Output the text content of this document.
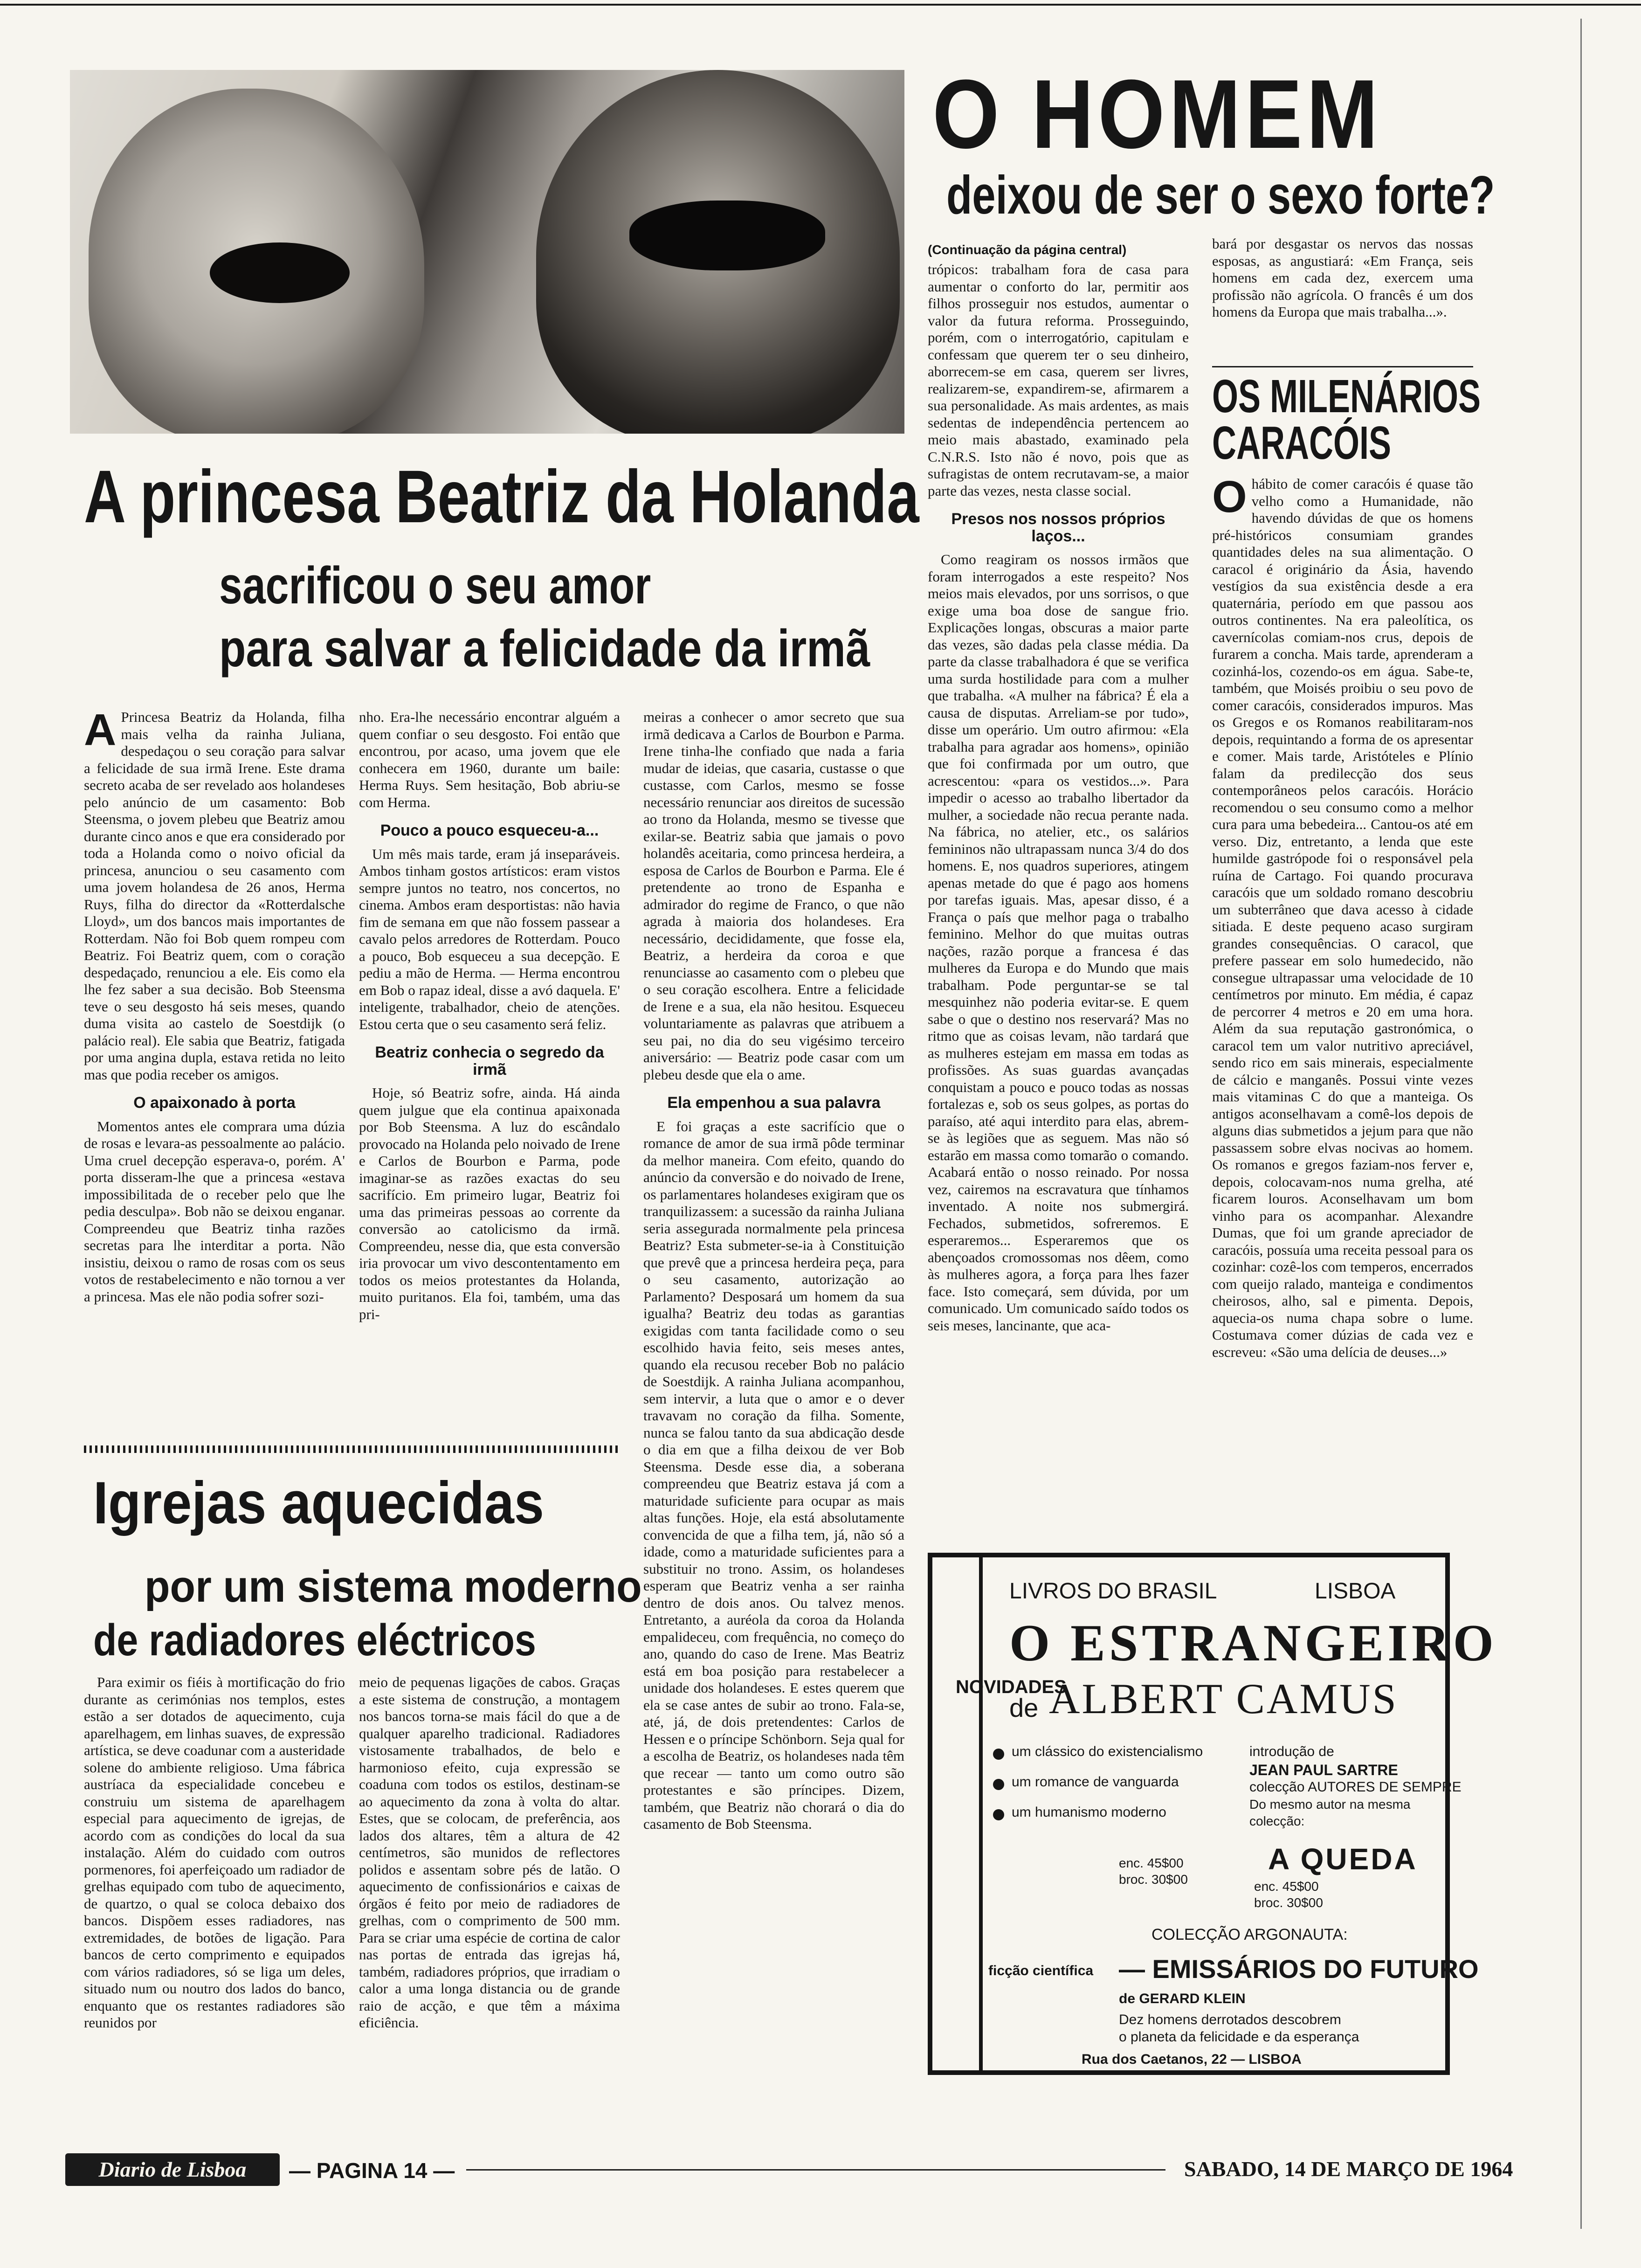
A princesa Beatriz da Holanda
sacrificou o seu amor
para salvar a felicidade da irmã
A Princesa Beatriz da Holanda, filha mais velha da rainha Juliana, despedaçou o seu coração para salvar a felicidade de sua irmã Irene. Este drama secreto acaba de ser revelado aos holandeses pelo anúncio de um casamento: Bob Steensma, o jovem plebeu que Beatriz amou durante cinco anos e que era considerado por toda a Holanda como o noivo oficial da princesa, anunciou o seu casamento com uma jovem holandesa de 26 anos, Herma Ruys, filha do director da «Rotterdalsche Lloyd», um dos bancos mais importantes de Rotterdam. Não foi Bob quem rompeu com Beatriz. Foi Beatriz quem, com o coração despedaçado, renunciou a ele. Eis como ela lhe fez saber a sua decisão. Bob Steensma teve o seu desgosto há seis meses, quando duma visita ao castelo de Soestdijk (o palácio real). Ele sabia que Beatriz, fatigada por uma angina dupla, estava retida no leito mas que podia receber os amigos.

O apaixonado à porta

Momentos antes ele comprara uma dúzia de rosas e levara-as pessoalmente ao palácio. Uma cruel decepção esperava-o, porém. A' porta disseram-lhe que a princesa «estava impossibilitada de o receber pelo que lhe pedia desculpa». Bob não se deixou enganar. Compreendeu que Beatriz tinha razões secretas para lhe interditar a porta. Não insistiu, deixou o ramo de rosas com os seus votos de restabelecimento e não tornou a ver a princesa. Mas ele não podia sofrer sozi-

nho. Era-lhe necessário encontrar alguém a quem confiar o seu desgosto. Foi então que encontrou, por acaso, uma jovem que ele conhecera em 1960, durante um baile: Herma Ruys. Sem hesitação, Bob abriu-se com Herma.

Pouco a pouco esqueceu-a...

Um mês mais tarde, eram já inseparáveis. Ambos tinham gostos artísticos: eram vistos sempre juntos no teatro, nos concertos, no cinema. Ambos eram desportistas: não havia fim de semana em que não fossem passear a cavalo pelos arredores de Rotterdam. Pouco a pouco, Bob esqueceu a sua decepção. E pediu a mão de Herma. — Herma encontrou em Bob o rapaz ideal, disse a avó daquela. E' inteligente, trabalhador, cheio de atenções. Estou certa que o seu casamento será feliz.

Beatriz conhecia o segredo da irmã

Hoje, só Beatriz sofre, ainda. Há ainda quem julgue que ela continua apaixonada por Bob Steensma. A luz do escândalo provocado na Holanda pelo noivado de Irene e Carlos de Bourbon e Parma, pode imaginar-se as razões exactas do seu sacrifício. Em primeiro lugar, Beatriz foi uma das primeiras pessoas ao corrente da conversão ao catolicismo da irmã. Compreendeu, nesse dia, que esta conversão iria provocar um vivo descontentamento em todos os meios protestantes da Holanda, muito puritanos. Ela foi, também, uma das pri-

meiras a conhecer o amor secreto que sua irmã dedicava a Carlos de Bourbon e Parma. Irene tinha-lhe confiado que nada a faria mudar de ideias, que casaria, custasse o que custasse, com Carlos, mesmo se fosse necessário renunciar aos direitos de sucessão ao trono da Holanda, mesmo se tivesse que exilar-se. Beatriz sabia que jamais o povo holandês aceitaria, como princesa herdeira, a esposa de Carlos de Bourbon e Parma. Ele é pretendente ao trono de Espanha e admirador do regime de Franco, o que não agrada à maioria dos holandeses. Era necessário, decididamente, que fosse ela, Beatriz, a herdeira da coroa e que renunciasse ao casamento com o plebeu que o seu coração escolhera. Entre a felicidade de Irene e a sua, ela não hesitou. Esqueceu voluntariamente as palavras que atribuem a seu pai, no dia do seu vigésimo terceiro aniversário: — Beatriz pode casar com um plebeu desde que ela o ame.

Ela empenhou a sua palavra

E foi graças a este sacrifício que o romance de amor de sua irmã pôde terminar da melhor maneira. Com efeito, quando do anúncio da conversão e do noivado de Irene, os parlamentares holandeses exigiram que os tranquilizassem: a sucessão da rainha Juliana seria assegurada normalmente pela princesa Beatriz? Esta submeter-se-ia à Constituição que prevê que a princesa herdeira peça, para o seu casamento, autorização ao Parlamento? Desposará um homem da sua igualha? Beatriz deu todas as garantias exigidas com tanta facilidade como o seu escolhido havia feito, seis meses antes, quando ela recusou receber Bob no palácio de Soestdijk. A rainha Juliana acompanhou, sem intervir, a luta que o amor e o dever travavam no coração da filha. Somente, nunca se falou tanto da sua abdicação desde o dia em que a filha deixou de ver Bob Steensma. Desde esse dia, a soberana compreendeu que Beatriz estava já com a maturidade suficiente para ocupar as mais altas funções. Hoje, ela está absolutamente convencida de que a filha tem, já, não só a idade, como a maturidade suficientes para a substituir no trono. Assim, os holandeses esperam que Beatriz venha a ser rainha dentro de dois anos. Ou talvez menos. Entretanto, a auréola da coroa da Holanda empalideceu, com frequência, no começo do ano, quando do caso de Irene. Mas Beatriz está em boa posição para restabelecer a unidade dos holandeses. E estes querem que ela se case antes de subir ao trono. Fala-se, até, já, de dois pretendentes: Carlos de Hessen e o príncipe Schönborn. Seja qual for a escolha de Beatriz, os holandeses nada têm que recear — tanto um como outro são protestantes e são príncipes. Dizem, também, que Beatriz não chorará o dia do casamento de Bob Steensma.

Igrejas aquecidas
por um sistema moderno
de radiadores eléctricos

Para eximir os fiéis à mortificação do frio durante as cerimónias nos templos, estes estão a ser dotados de aquecimento, cuja aparelhagem, em linhas suaves, de expressão artística, se deve coadunar com a austeridade solene do ambiente religioso. Uma fábrica austríaca da especialidade concebeu e construiu um sistema de aparelhagem especial para aquecimento de igrejas, de acordo com as condições do local da sua instalação. Além do cuidado com outros pormenores, foi aperfeiçoado um radiador de grelhas equipado com tubo de aquecimento, de quartzo, o qual se coloca debaixo dos bancos. Dispõem esses radiadores, nas extremidades, de botões de ligação. Para bancos de certo comprimento e equipados com vários radiadores, só se liga um deles, situado num ou noutro dos lados do banco, enquanto que os restantes radiadores são reunidos por

meio de pequenas ligações de cabos. Graças a este sistema de construção, a montagem nos bancos torna-se mais fácil do que a de qualquer aparelho tradicional. Radiadores vistosamente trabalhados, de belo e harmonioso efeito, cuja expressão se coaduna com todos os estilos, destinam-se ao aquecimento da zona à volta do altar. Estes, que se colocam, de preferência, aos lados dos altares, têm a altura de 42 centímetros, são munidos de reflectores polidos e assentam sobre pés de latão. O aquecimento de confissionários e caixas de órgãos é feito por meio de radiadores de grelhas, com o comprimento de 500 mm. Para se criar uma espécie de cortina de calor nas portas de entrada das igrejas há, também, radiadores próprios, que irradiam o calor a uma longa distancia ou de grande raio de acção, e que têm a máxima eficiência.

O HOMEM
deixou de ser o sexo forte?
(Continuação da página central)

trópicos: trabalham fora de casa para aumentar o conforto do lar, permitir aos filhos prosseguir nos estudos, aumentar o valor da futura reforma. Prosseguindo, porém, com o interrogatório, capitulam e confessam que querem ter o seu dinheiro, aborrecem-se em casa, querem ser livres, realizarem-se, expandirem-se, afirmarem a sua personalidade. As mais ardentes, as mais sedentas de independência pertencem ao meio mais abastado, examinado pela C.N.R.S. Isto não é novo, pois que as sufragistas de ontem recrutavam-se, a maior parte das vezes, nesta classe social.

Presos nos nossos próprios laços...

Como reagiram os nossos irmãos que foram interrogados a este respeito? Nos meios mais elevados, por uns sorrisos, o que exige uma boa dose de sangue frio. Explicações longas, obscuras a maior parte das vezes, são dadas pela classe média. Da parte da classe trabalhadora é que se verifica uma surda hostilidade para com a mulher que trabalha. «A mulher na fábrica? É ela a causa de disputas. Arreliam-se por tudo», disse um operário. Um outro afirmou: «Ela trabalha para agradar aos homens», opinião que foi confirmada por um outro, que acrescentou: «para os vestidos...». Para impedir o acesso ao trabalho libertador da mulher, a sociedade não recua perante nada. Na fábrica, no atelier, etc., os salários femininos não ultrapassam nunca 3/4 do dos homens. E, nos quadros superiores, atingem apenas metade do que é pago aos homens por tarefas iguais. Mas, apesar disso, é a França o país que melhor paga o trabalho feminino. Melhor do que muitas outras nações, razão porque a francesa é das mulheres da Europa e do Mundo que mais trabalham. Pode perguntar-se se tal mesquinhez não poderia evitar-se. E quem sabe o que o destino nos reservará? Mas no ritmo que as coisas levam, não tardará que as mulheres estejam em massa em todas as profissões. As suas guardas avançadas conquistam a pouco e pouco todas as nossas fortalezas e, sob os seus golpes, as portas do paraíso, até aqui interdito para elas, abrem-se às legiões que as seguem. Mas não só estarão em massa como tomarão o comando. Acabará então o nosso reinado. Por nossa vez, cairemos na escravatura que tínhamos inventado. A noite nos submergirá. Fechados, submetidos, sofreremos. E esperaremos... Esperaremos que os abençoados cromossomas nos dêem, como às mulheres agora, a força para lhes fazer face. Isto começará, sem dúvida, por um comunicado. Um comunicado saído todos os seis meses, lancinante, que aca-

bará por desgastar os nervos das nossas esposas, as angustiará: «Em França, seis homens em cada dez, exercem uma profissão não agrícola. O francês é um dos homens da Europa que mais trabalha...».

OS MILENÁRIOS
CARACÓIS
O hábito de comer caracóis é quase tão velho como a Humanidade, não havendo dúvidas de que os homens pré-históricos consumiam grandes quantidades deles na sua alimentação. O caracol é originário da Ásia, havendo vestígios da sua existência desde a era quaternária, período em que passou aos outros continentes. Na era paleolítica, os cavernícolas comiam-nos crus, depois de furarem a concha. Mais tarde, aprenderam a cozinhá-los, cozendo-os em água. Sabe-te, também, que Moisés proibiu o seu povo de comer caracóis, considerados impuros. Mas os Gregos e os Romanos reabilitaram-nos depois, requintando a forma de os apresentar e comer. Mais tarde, Aristóteles e Plínio falam da predilecção dos seus contemporâneos pelos caracóis. Horácio recomendou o seu consumo como a melhor cura para uma bebedeira... Cantou-os até em verso. Diz, entretanto, a lenda que este humilde gastrópode foi o responsável pela ruína de Cartago. Foi quando procurava caracóis que um soldado romano descobriu um subterrâneo que dava acesso à cidade sitiada. E deste pequeno acaso surgiram grandes consequências. O caracol, que prefere passear em solo humedecido, não consegue ultrapassar uma velocidade de 10 centímetros por minuto. Em média, é capaz de percorrer 4 metros e 20 em uma hora. Além da sua reputação gastronómica, o caracol tem um valor nutritivo apreciável, sendo rico em sais minerais, especialmente de cálcio e manganês. Possui vinte vezes mais vitaminas C do que a manteiga. Os antigos aconselhavam a comê-los depois de alguns dias submetidos a jejum para que não passassem sobre elvas nocivas ao homem. Os romanos e gregos faziam-nos ferver e, depois, colocavam-nos numa grelha, até ficarem louros. Aconselhavam um bom vinho para os acompanhar. Alexandre Dumas, que foi um grande apreciador de caracóis, possuía uma receita pessoal para os cozinhar: cozê-los com temperos, encerrados com queijo ralado, manteiga e condimentos cheirosos, alho, sal e pimenta. Depois, aquecia-os numa chapa sobre o lume. Costumava comer dúzias de cada vez e escreveu: «São uma delícia de deuses...»

NOVIDADES
LIVROS DO BRASIL	LISBOA
O ESTRANGEIRO
de ALBERT CAMUS
um clássico do existencialismo
um romance de vanguarda
um humanismo moderno
enc. 45$00
broc. 30$00
introdução de
JEAN PAUL SARTRE
colecção AUTORES DE SEMPRE
Do mesmo autor na mesma
colecção:
A QUEDA
enc. 45$00
broc. 30$00
COLECÇÃO ARGONAUTA:
ficção científica — EMISSÁRIOS DO FUTURO
de GERARD KLEIN
Dez homens derrotados descobrem
o planeta da felicidade e da esperança
Rua dos Caetanos, 22 — LISBOA
Diario de Lisboa	— PAGINA 14 —	SABADO, 14 DE MARÇO DE 1964
